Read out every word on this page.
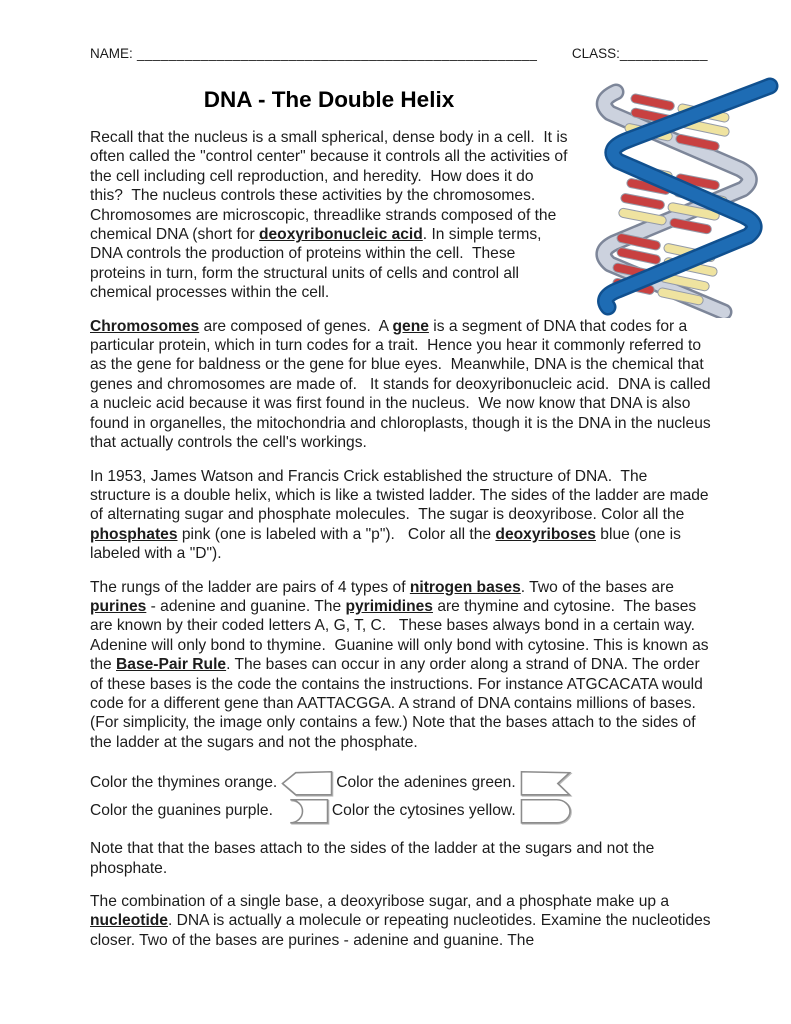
NAME: __________________________________________________	CLASS:___________
DNA - The Double Helix

Recall that the nucleus is a small spherical, dense body in a cell.  It is often called the "control center" because it controls all the activities of the cell including cell reproduction, and heredity.  How does it do this?  The nucleus controls these activities by the chromosomes.  Chromosomes are microscopic, threadlike strands composed of the chemical DNA (short for deoxyribonucleic acid. In simple terms, DNA controls the production of proteins within the cell.  These proteins in turn, form the structural units of cells and control all chemical processes within the cell.

Chromosomes are composed of genes.  A gene is a segment of DNA that codes for a particular protein, which in turn codes for a trait.  Hence you hear it commonly referred to as the gene for baldness or the gene for blue eyes.  Meanwhile, DNA is the chemical that genes and chromosomes are made of.   It stands for deoxyribonucleic acid.  DNA is called a nucleic acid because it was first found in the nucleus.  We now know that DNA is also found in organelles, the mitochondria and chloroplasts, though it is the DNA in the nucleus that actually controls the cell's workings.

In 1953, James Watson and Francis Crick established the structure of DNA.  The structure is a double helix, which is like a twisted ladder. The sides of the ladder are made of alternating sugar and phosphate molecules.  The sugar is deoxyribose. Color all the phosphates pink (one is labeled with a "p").   Color all the deoxyriboses blue (one is labeled with a "D").

The rungs of the ladder are pairs of 4 types of nitrogen bases. Two of the bases are purines - adenine and guanine. The pyrimidines are thymine and cytosine.  The bases are known by their coded letters A, G, T, C.   These bases always bond in a certain way.  Adenine will only bond to thymine.  Guanine will only bond with cytosine. This is known as the Base-Pair Rule. The bases can occur in any order along a strand of DNA. The order of these bases is the code the contains the instructions. For instance ATGCACATA would code for a different gene than AATTACGGA. A strand of DNA contains millions of bases. (For simplicity, the image only contains a few.) Note that the bases attach to the sides of the ladder at the sugars and not the phosphate.

Color the thymines orange.	Color the adenines green.
Color the guanines purple.	Color the cytosines yellow.

Note that that the bases attach to the sides of the ladder at the sugars and not the phosphate.

The combination of a single base, a deoxyribose sugar, and a phosphate make up a nucleotide. DNA is actually a molecule or repeating nucleotides. Examine the nucleotides closer. Two of the bases are purines - adenine and guanine. The
